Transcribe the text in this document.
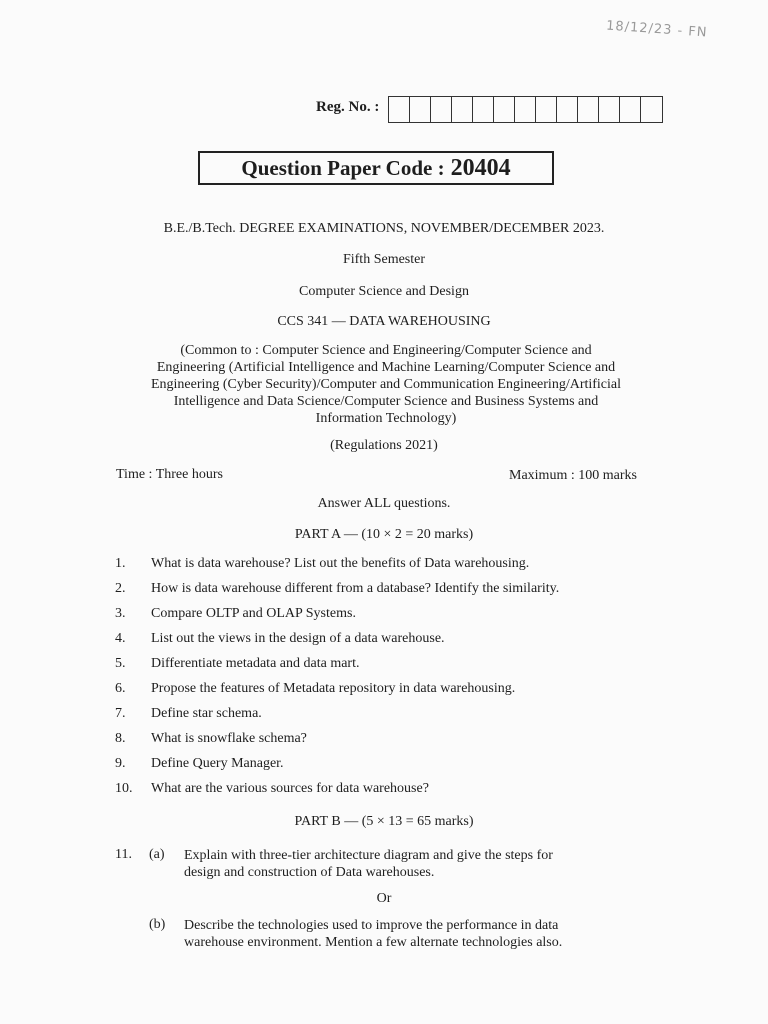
18/12/23 - FN
Reg. No. :
Question Paper Code : 20404
B.E./B.Tech. DEGREE EXAMINATIONS, NOVEMBER/DECEMBER 2023.
Fifth Semester
Computer Science and Design
CCS 341 — DATA WAREHOUSING
(Common to : Computer Science and Engineering/Computer Science and
Engineering (Artificial Intelligence and Machine Learning/Computer Science and
Engineering (Cyber Security)/Computer and Communication Engineering/Artificial
Intelligence and Data Science/Computer Science and Business Systems and
Information Technology)
(Regulations 2021)
Time : Three hours	Maximum : 100 marks
Answer ALL questions.
PART A — (10 × 2 = 20 marks)
1.	What is data warehouse? List out the benefits of Data warehousing.
2.	How is data warehouse different from a database? Identify the similarity.
3.	Compare OLTP and OLAP Systems.
4.	List out the views in the design of a data warehouse.
5.	Differentiate metadata and data mart.
6.	Propose the features of Metadata repository in data warehousing.
7.	Define star schema.
8.	What is snowflake schema?
9.	Define Query Manager.
10.	What are the various sources for data warehouse?
PART B — (5 × 13 = 65 marks)
11. (a) Explain with three-tier architecture diagram and give the steps for
design and construction of Data warehouses.
Or
(b) Describe the technologies used to improve the performance in data
warehouse environment. Mention a few alternate technologies also.
